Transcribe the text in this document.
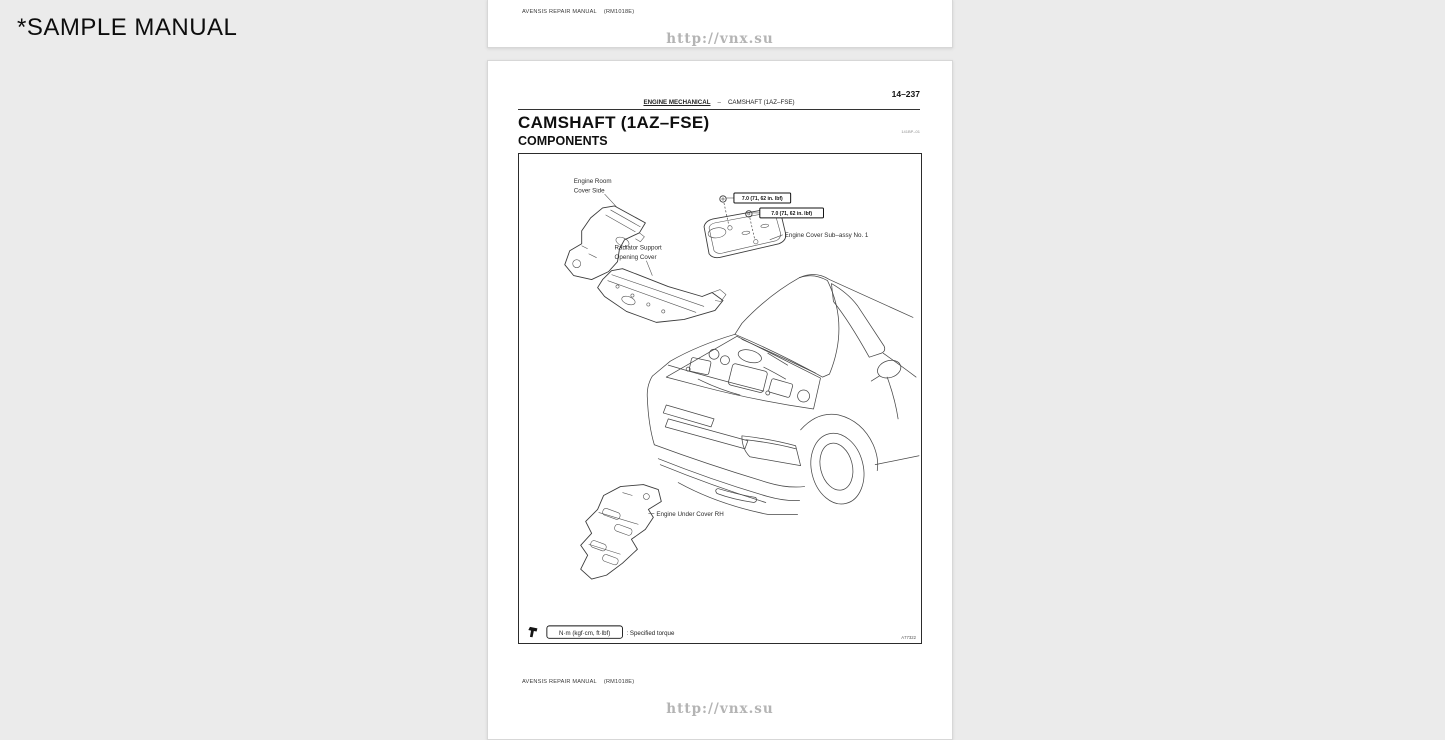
*SAMPLE MANUAL
AVENSIS REPAIR MANUAL (RM1018E)
http://vnx.su
14–237
ENGINE MECHANICAL – CAMSHAFT (1AZ–FSE)
CAMSHAFT (1AZ–FSE)
COMPONENTS
141BP–01
Engine Room
Cover Side
Radiator Support
Opening Cover
7.0 (71, 62 in. lbf)
7.0 (71, 62 in. lbf)
Engine Cover Sub–assy No. 1
Engine Under Cover RH
N·m (kgf·cm, ft·lbf)	: Specified torque
A77322
AVENSIS REPAIR MANUAL (RM1018E)
http://vnx.su
